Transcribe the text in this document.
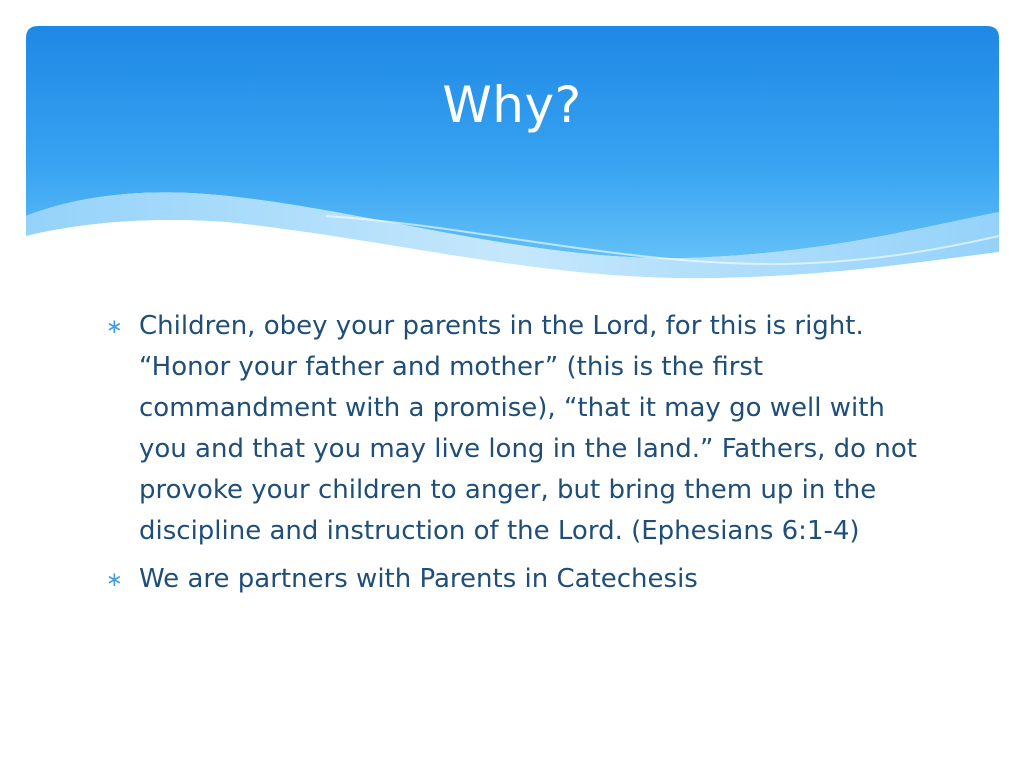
Why?
∗ Children, obey your parents in the Lord, for this is right. “Honor your father and mother” (this is the first commandment with a promise), “that it may go well with you and that you may live long in the land.” Fathers, do not provoke your children to anger, but bring them up in the discipline and instruction of the Lord. (Ephesians 6:1-4)
∗ We are partners with Parents in Catechesis
